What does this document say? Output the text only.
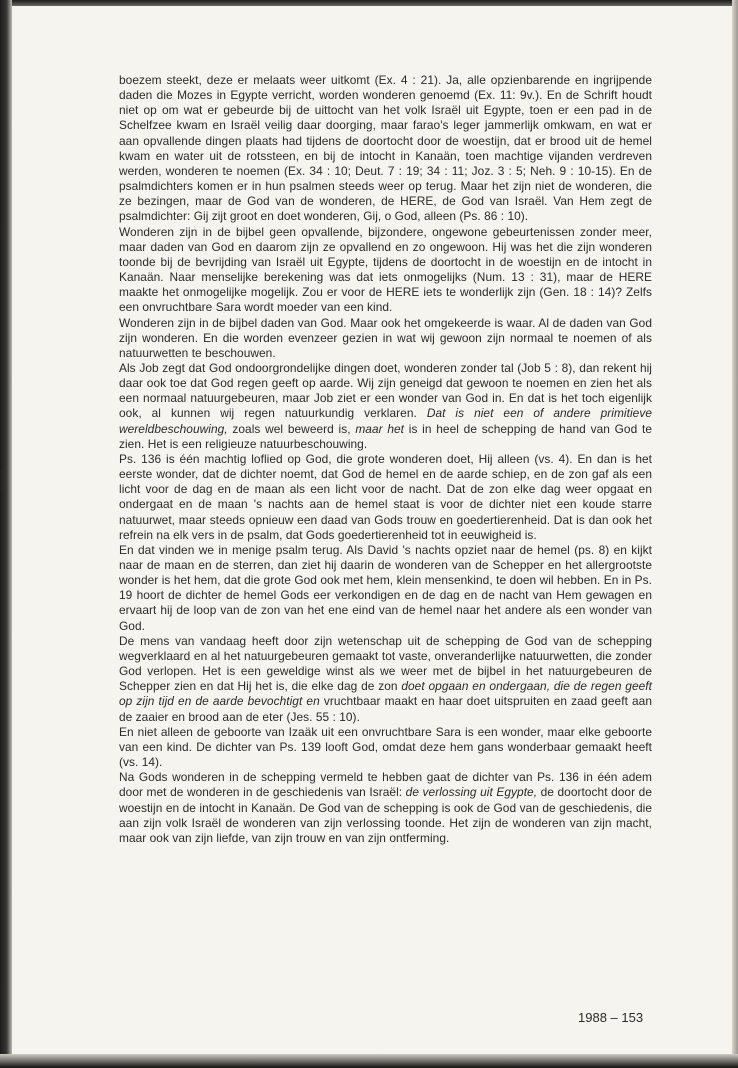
boezem steekt, deze er melaats weer uitkomt (Ex. 4 : 21). Ja, alle opzienbarende en ingrijpende daden die Mozes in Egypte verricht, worden wonderen genoemd (Ex. 11: 9v.). En de Schrift houdt niet op om wat er gebeurde bij de uittocht van het volk Israël uit Egypte, toen er een pad in de Schelfzee kwam en Israël veilig daar doorging, maar farao's leger jammerlijk omkwam, en wat er aan opvallende dingen plaats had tijdens de doortocht door de woestijn, dat er brood uit de hemel kwam en water uit de rotssteen, en bij de intocht in Kanaän, toen machtige vijanden verdreven werden, wonderen te noemen (Ex. 34 : 10; Deut. 7 : 19; 34 : 11; Joz. 3 : 5; Neh. 9 : 10-15). En de psalmdichters komen er in hun psalmen steeds weer op terug. Maar het zijn niet de wonderen, die ze bezingen, maar de God van de wonderen, de HERE, de God van Israël. Van Hem zegt de psalmdichter: Gij zijt groot en doet wonderen, Gij, o God, alleen (Ps. 86 : 10).

Wonderen zijn in de bijbel geen opvallende, bijzondere, ongewone gebeurtenissen zonder meer, maar daden van God en daarom zijn ze opvallend en zo ongewoon. Hij was het die zijn wonderen toonde bij de bevrijding van Israël uit Egypte, tijdens de doortocht in de woestijn en de intocht in Kanaän. Naar menselijke berekening was dat iets onmogelijks (Num. 13 : 31), maar de HERE maakte het onmogelijke mogelijk. Zou er voor de HERE iets te wonderlijk zijn (Gen. 18 : 14)? Zelfs een onvruchtbare Sara wordt moeder van een kind.

Wonderen zijn in de bijbel daden van God. Maar ook het omgekeerde is waar. Al de daden van God zijn wonderen. En die worden evenzeer gezien in wat wij gewoon zijn normaal te noemen of als natuurwetten te beschouwen.

Als Job zegt dat God ondoorgrondelijke dingen doet, wonderen zonder tal (Job 5 : 8), dan rekent hij daar ook toe dat God regen geeft op aarde. Wij zijn geneigd dat gewoon te noemen en zien het als een normaal natuurgebeuren, maar Job ziet er een wonder van God in. En dat is het toch eigenlijk ook, al kunnen wij regen natuurkundig verklaren. Dat is niet een of andere primitieve wereldbeschouwing, zoals wel beweerd is, maar het is in heel de schepping de hand van God te zien. Het is een religieuze natuurbeschouwing.

Ps. 136 is één machtig loflied op God, die grote wonderen doet, Hij alleen (vs. 4). En dan is het eerste wonder, dat de dichter noemt, dat God de hemel en de aarde schiep, en de zon gaf als een licht voor de dag en de maan als een licht voor de nacht. Dat de zon elke dag weer opgaat en ondergaat en de maan 's nachts aan de hemel staat is voor de dichter niet een koude starre natuurwet, maar steeds opnieuw een daad van Gods trouw en goedertierenheid. Dat is dan ook het refrein na elk vers in de psalm, dat Gods goedertierenheid tot in eeuwigheid is.

En dat vinden we in menige psalm terug. Als David 's nachts opziet naar de hemel (ps. 8) en kijkt naar de maan en de sterren, dan ziet hij daarin de wonderen van de Schepper en het allergrootste wonder is het hem, dat die grote God ook met hem, klein mensenkind, te doen wil hebben. En in Ps. 19 hoort de dichter de hemel Gods eer verkondigen en de dag en de nacht van Hem gewagen en ervaart hij de loop van de zon van het ene eind van de hemel naar het andere als een wonder van God.

De mens van vandaag heeft door zijn wetenschap uit de schepping de God van de schepping wegverklaard en al het natuurgebeuren gemaakt tot vaste, onveranderlijke natuurwetten, die zonder God verlopen. Het is een geweldige winst als we weer met de bijbel in het natuurgebeuren de Schepper zien en dat Hij het is, die elke dag de zon doet opgaan en ondergaan, die de regen geeft op zijn tijd en de aarde bevochtigt en vruchtbaar maakt en haar doet uitspruiten en zaad geeft aan de zaaier en brood aan de eter (Jes. 55 : 10).

En niet alleen de geboorte van Izaäk uit een onvruchtbare Sara is een wonder, maar elke geboorte van een kind. De dichter van Ps. 139 looft God, omdat deze hem gans wonderbaar gemaakt heeft (vs. 14).

Na Gods wonderen in de schepping vermeld te hebben gaat de dichter van Ps. 136 in één adem door met de wonderen in de geschiedenis van Israël: de verlossing uit Egypte, de doortocht door de woestijn en de intocht in Kanaän. De God van de schepping is ook de God van de geschiedenis, die aan zijn volk Israël de wonderen van zijn verlossing toonde. Het zijn de wonderen van zijn macht, maar ook van zijn liefde, van zijn trouw en van zijn ontferming.

1988 – 153
